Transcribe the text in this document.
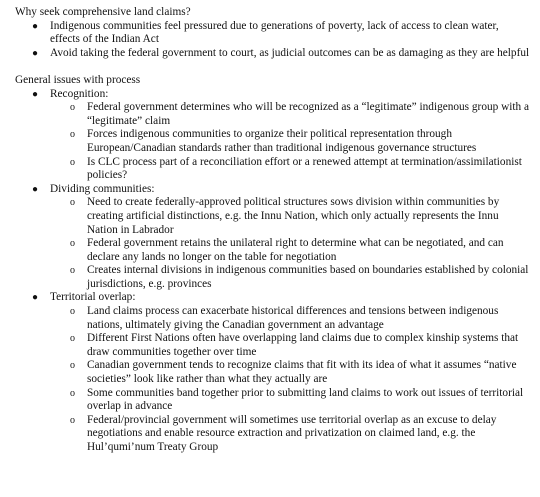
Why seek comprehensive land claims?

● Indigenous communities feel pressured due to generations of poverty, lack of access to clean water, effects of the Indian Act
● Avoid taking the federal government to court, as judicial outcomes can be as damaging as they are helpful

General issues with process

● Recognition:
o Federal government determines who will be recognized as a “legitimate” indigenous group with a “legitimate” claim
o Forces indigenous communities to organize their political representation through European/Canadian standards rather than traditional indigenous governance structures
o Is CLC process part of a reconciliation effort or a renewed attempt at termination/assimilationist policies?
● Dividing communities:
o Need to create federally-approved political structures sows division within communities by creating artificial distinctions, e.g. the Innu Nation, which only actually represents the Innu Nation in Labrador
o Federal government retains the unilateral right to determine what can be negotiated, and can declare any lands no longer on the table for negotiation
o Creates internal divisions in indigenous communities based on boundaries established by colonial jurisdictions, e.g. provinces
● Territorial overlap:
o Land claims process can exacerbate historical differences and tensions between indigenous nations, ultimately giving the Canadian government an advantage
o Different First Nations often have overlapping land claims due to complex kinship systems that draw communities together over time
o Canadian government tends to recognize claims that fit with its idea of what it assumes “native societies” look like rather than what they actually are
o Some communities band together prior to submitting land claims to work out issues of territorial overlap in advance
o Federal/provincial government will sometimes use territorial overlap as an excuse to delay negotiations and enable resource extraction and privatization on claimed land, e.g. the Hul’qumi’num Treaty Group
